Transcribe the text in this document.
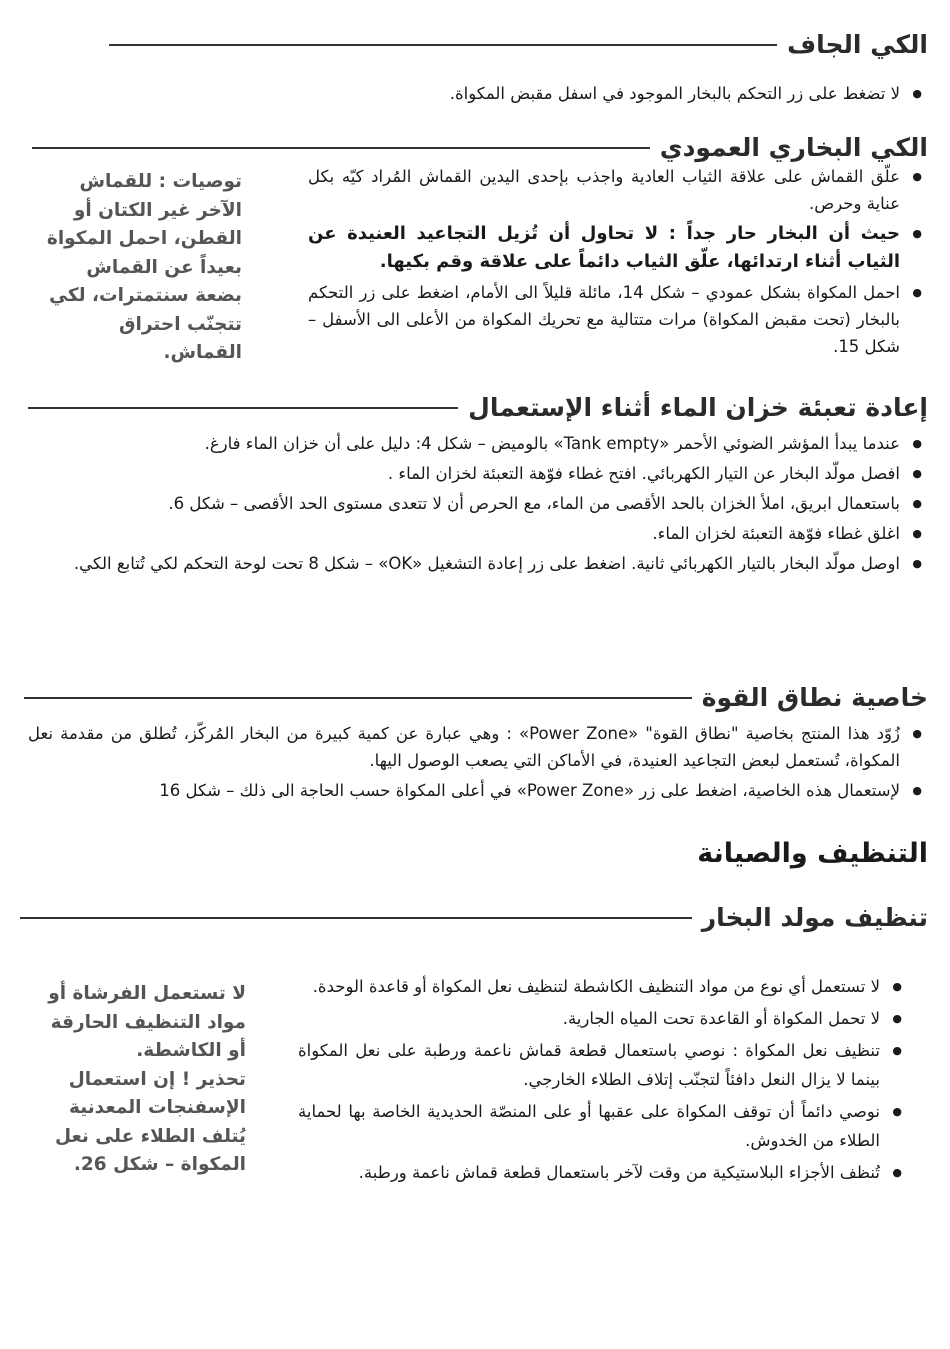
الكي الجاف
● لا تضغط على زر التحكم بالبخار الموجود في اسفل مقبض المكواة.
الكي البخاري العمودي
● علّق القماش على علاقة الثياب العادية واجذب بإحدى اليدين القماش المُراد كيّه بكل عناية وحرص.
● حيث أن البخار حار جداً : لا تحاول أن تُزيل التجاعيد العنيدة عن الثياب أثناء ارتدائها، علّق الثياب دائماً على علاقة وقم بكيها.
● احمل المكواة بشكل عمودي – شكل 14، مائلة قليلاً الى الأمام، اضغط على زر التحكم بالبخار (تحت مقبض المكواة) مرات متتالية مع تحريك المكواة من الأعلى الى الأسفل – شكل 15.
توصيات : للقماش الآخر غير الكتان أو القطن، احمل المكواة بعيداً عن القماش بضعة سنتمترات، لكي تتجنّب احتراق القماش.
إعادة تعبئة خزان الماء أثناء الإستعمال
● عندما يبدأ المؤشر الضوئي الأحمر «Tank empty» بالوميض – شكل 4: دليل على أن خزان الماء فارغ.
● افصل مولّد البخار عن التيار الكهربائي. افتح غطاء فوّهة التعبئة لخزان الماء .
● باستعمال ابريق، املأ الخزان بالحد الأقصى من الماء، مع الحرص أن لا تتعدى مستوى الحد الأقصى – شكل 6.
● اغلق غطاء فوّهة التعبئة لخزان الماء.
● اوصل مولّد البخار بالتيار الكهربائي ثانية. اضغط على زر إعادة التشغيل «OK» – شكل 8 تحت لوحة التحكم لكي تُتابع الكي.
خاصية نطاق القوة
● زُوّد هذا المنتج بخاصية "نطاق القوة" «Power Zone» : وهي عبارة عن كمية كبيرة من البخار المُركّز، تُطلق من مقدمة نعل المكواة، تُستعمل لبعض التجاعيد العنيدة، في الأماكن التي يصعب الوصول اليها.
● لإستعمال هذه الخاصية، اضغط على زر «Power Zone» في أعلى المكواة حسب الحاجة الى ذلك – شكل 16
التنظيف والصيانة
تنظيف مولد البخار
● لا تستعمل أي نوع من مواد التنظيف الكاشطة لتنظيف نعل المكواة أو قاعدة الوحدة.
● لا تحمل المكواة أو القاعدة تحت المياه الجارية.
● تنظيف نعل المكواة : نوصي باستعمال قطعة قماش ناعمة ورطبة على نعل المكواة بينما لا يزال النعل دافئاً لتجنّب إتلاف الطلاء الخارجي.
● نوصي دائماً أن توقف المكواة على عقبها أو على المنصّة الحديدية الخاصة بها لحماية الطلاء من الخدوش.
● تُنظف الأجزاء البلاستيكية من وقت لآخر باستعمال قطعة قماش ناعمة ورطبة.
لا تستعمل الفرشاة أو مواد التنظيف الحارقة أو الكاشطة.
تحذير ! إن استعمال الإسفنجات المعدنية يُتلف الطلاء على نعل المكواة – شكل 26.
